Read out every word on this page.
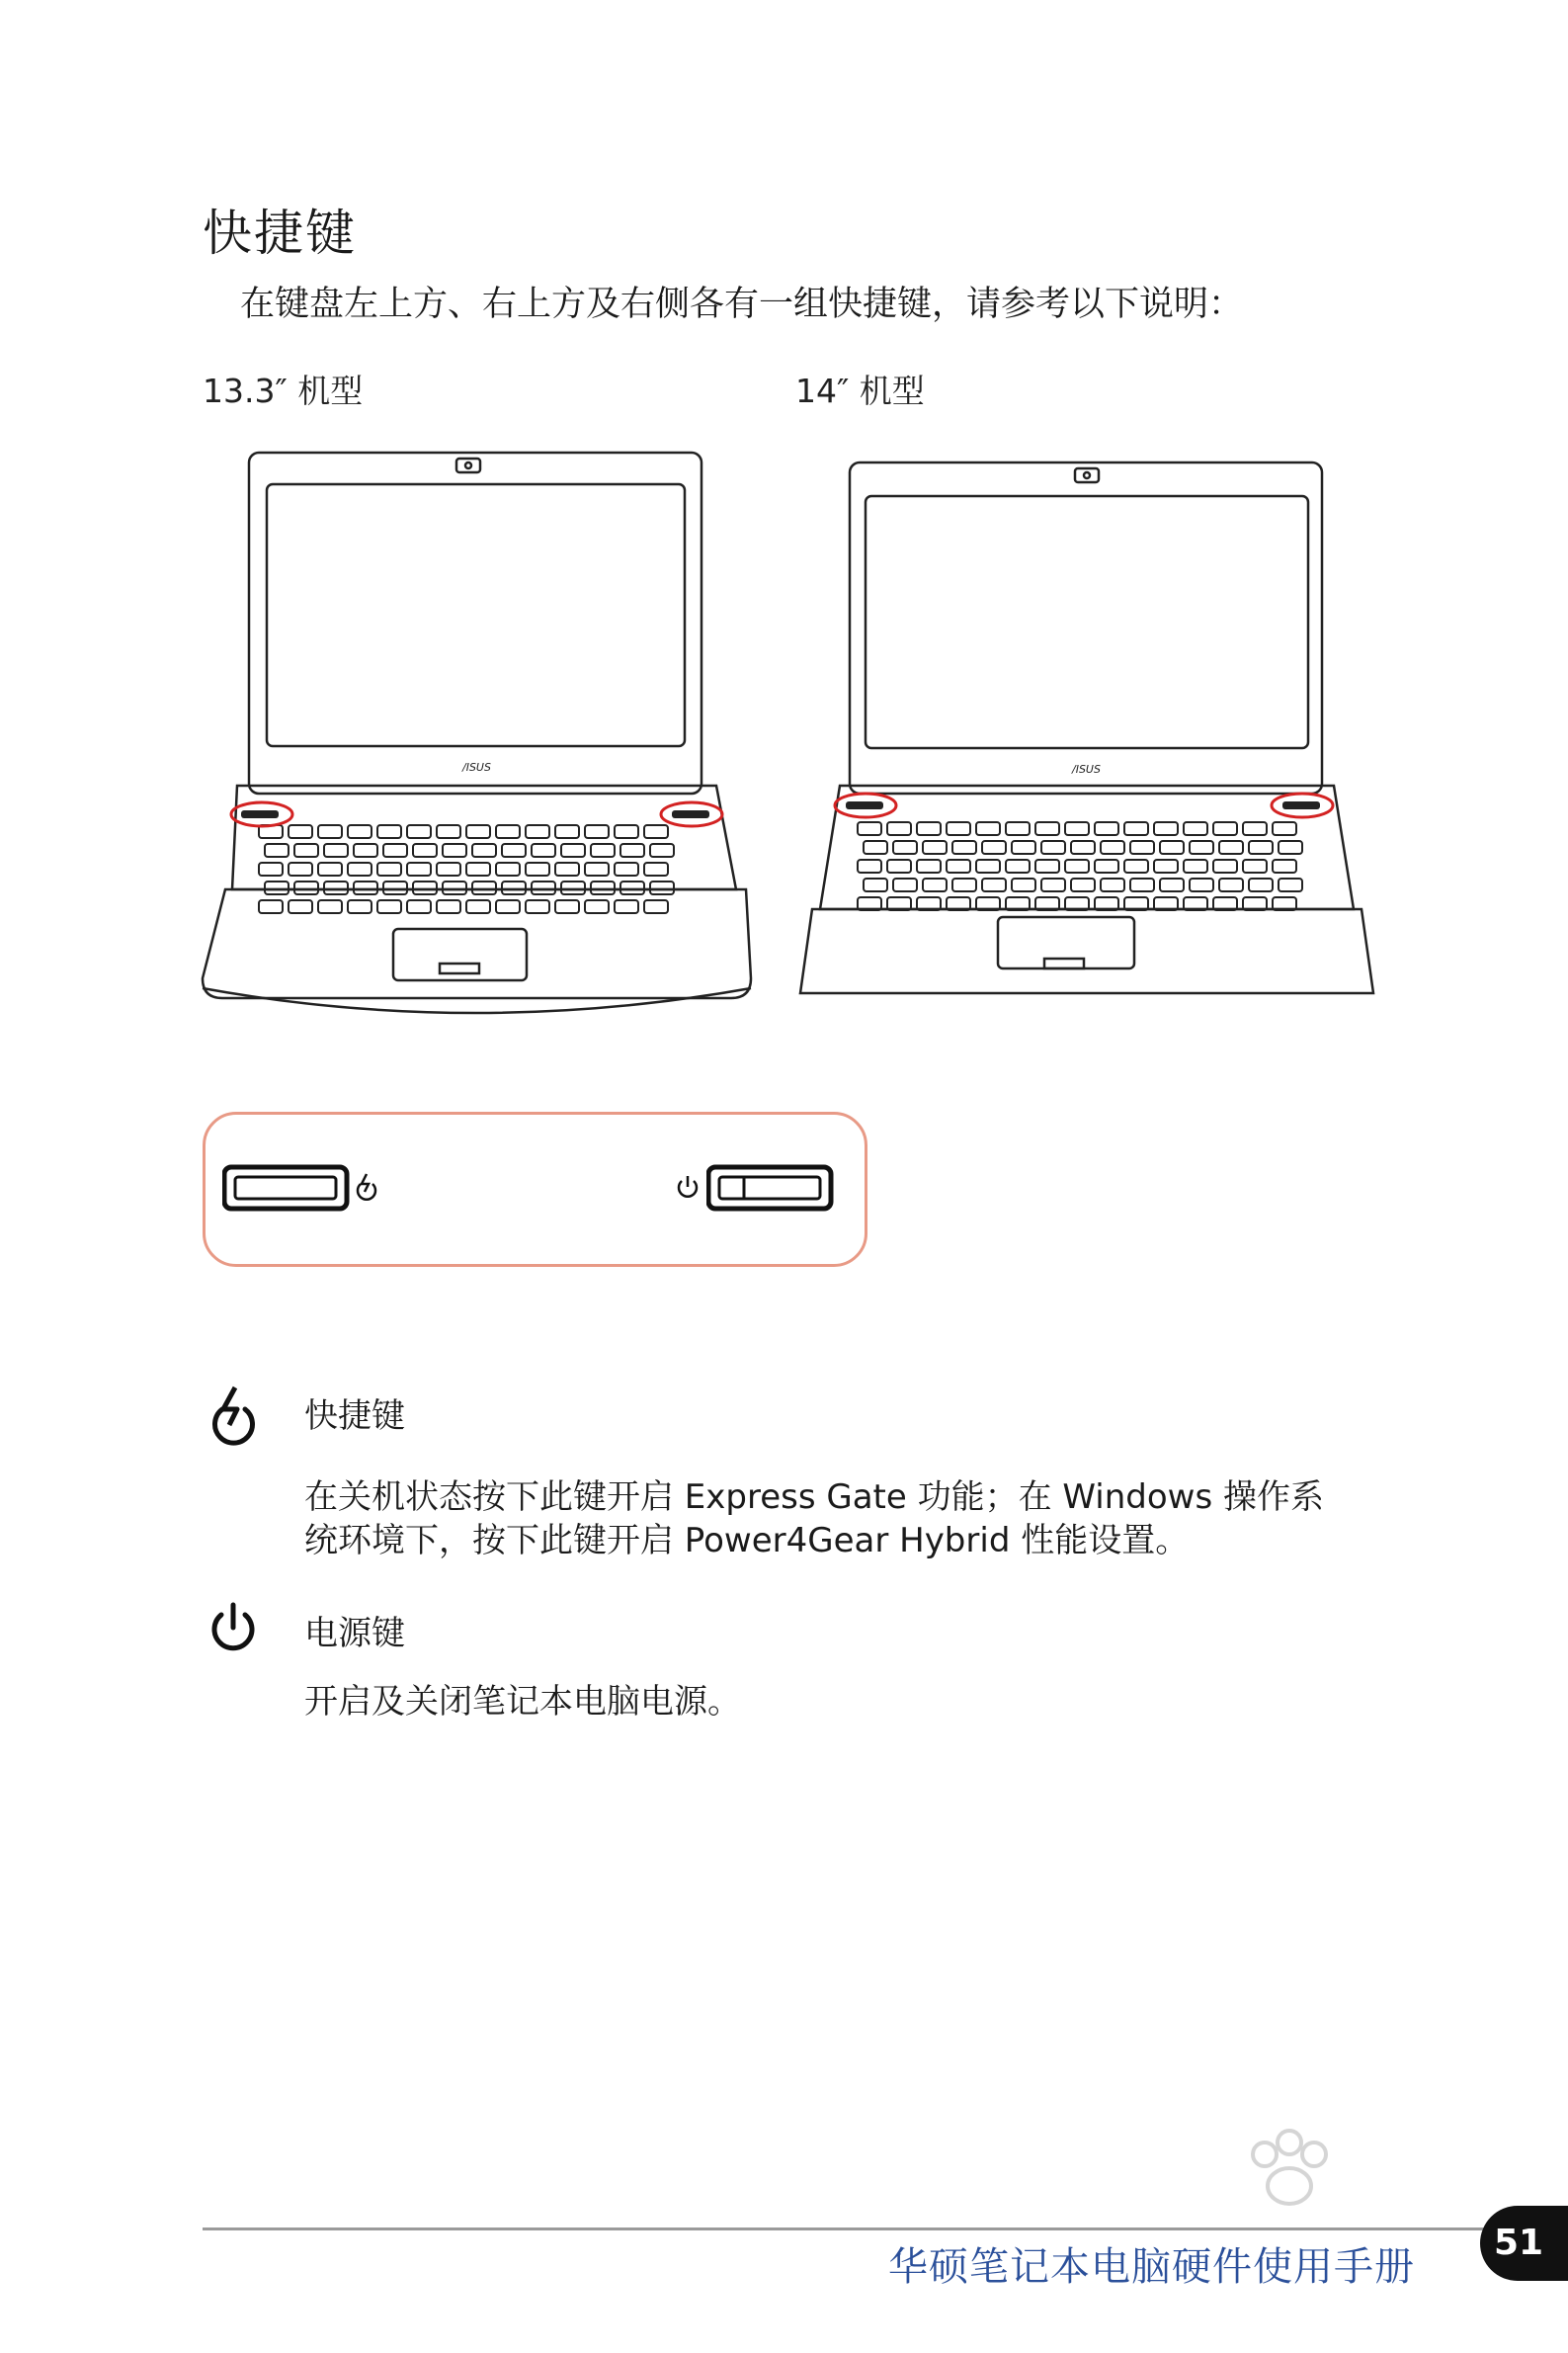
快捷键
在键盘左上方、右上方及右侧各有一组快捷键，请参考以下说明：
13.3″ 机型	14″ 机型
/ISUS	/ISUS
快捷键
在关机状态按下此键开启 Express Gate 功能；在 Windows 操作系
统环境下，按下此键开启 Power4Gear Hybrid 性能设置。
电源键
开启及关闭笔记本电脑电源。
华硕笔记本电脑硬件使用手册
51
